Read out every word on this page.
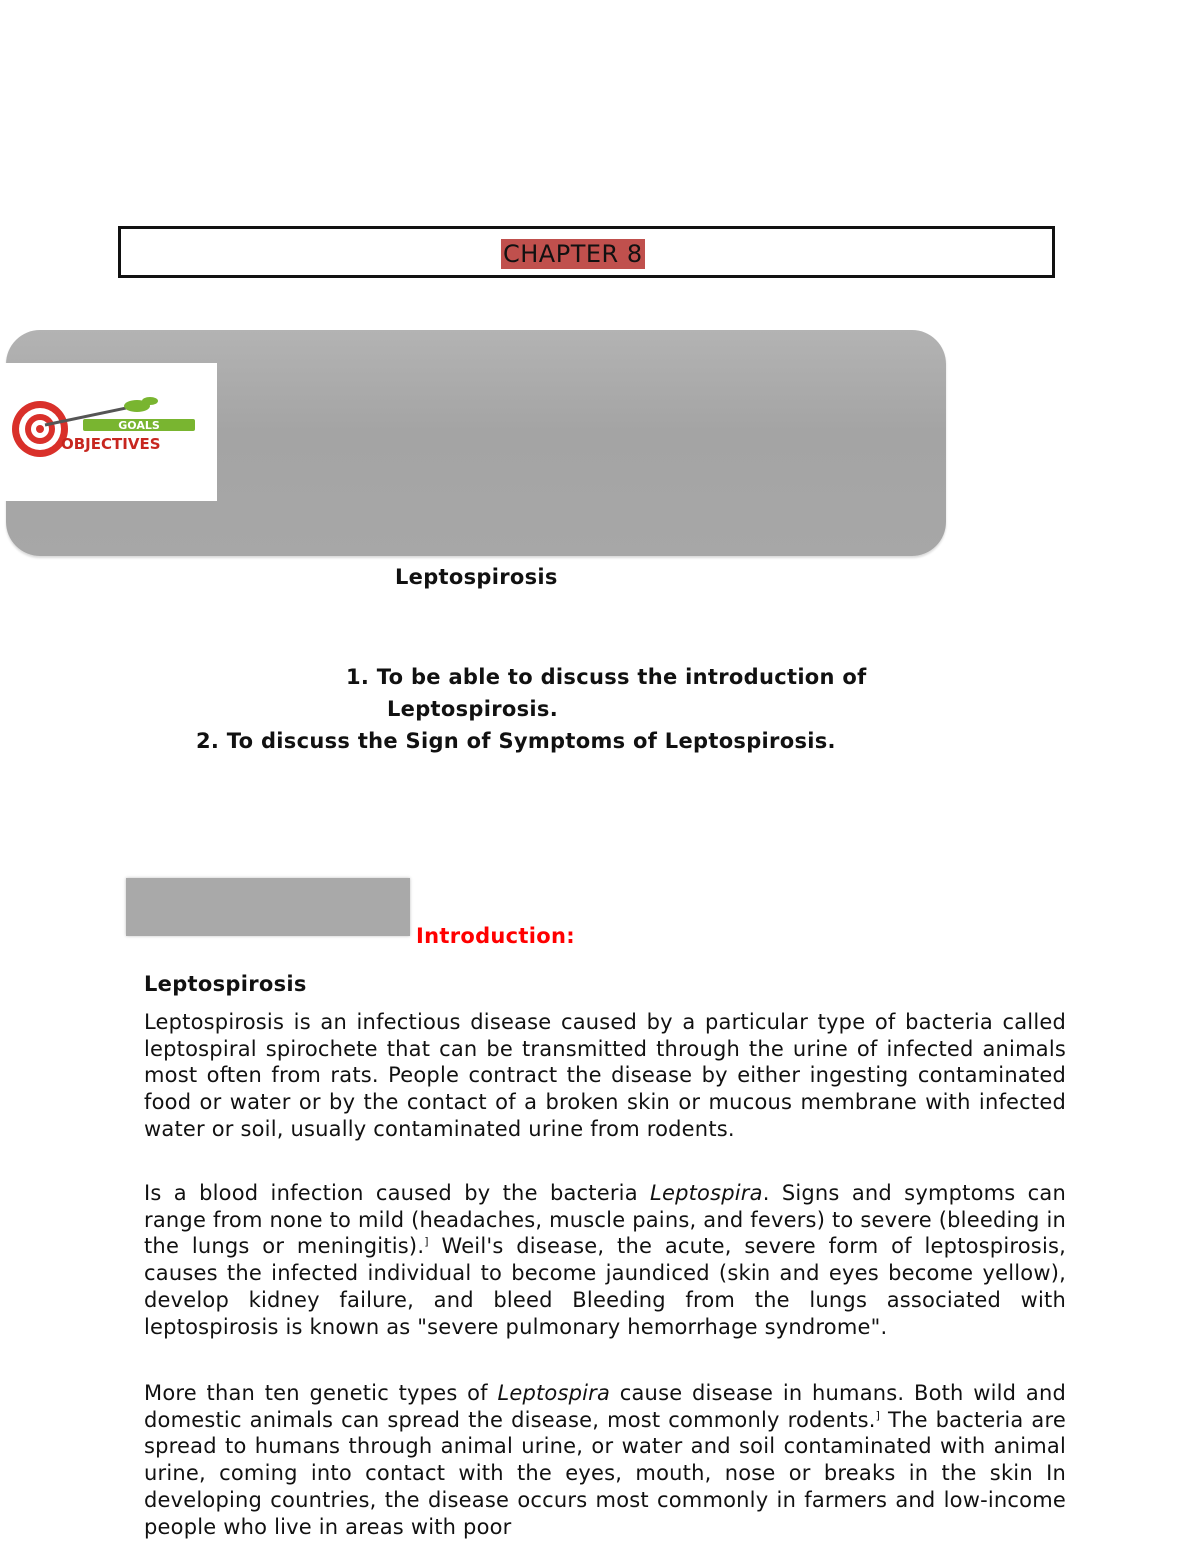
CHAPTER 8
GOALS
OBJECTIVES
Leptospirosis
1. To be able to discuss the introduction of
Leptospirosis.
2. To discuss the Sign of Symptoms of Leptospirosis.
Introduction:
Leptospirosis

Leptospirosis is an infectious disease caused by a particular type of bacteria called leptospiral spirochete that can be transmitted through the urine of infected animals most often from rats. People contract the disease by either ingesting contaminated food or water or by the contact of a broken skin or mucous membrane with infected water or soil, usually contaminated urine from rodents.

Is a blood infection caused by the bacteria Leptospira. Signs and symptoms can range from none to mild (headaches, muscle pains, and fevers) to severe (bleeding in the lungs or meningitis).] Weil's disease, the acute, severe form of leptospirosis, causes the infected individual to become jaundiced (skin and eyes become yellow), develop kidney failure, and bleed Bleeding from the lungs associated with leptospirosis is known as "severe pulmonary hemorrhage syndrome".

More than ten genetic types of Leptospira cause disease in humans. Both wild and domestic animals can spread the disease, most commonly rodents.] The bacteria are spread to humans through animal urine, or water and soil contaminated with animal urine, coming into contact with the eyes, mouth, nose or breaks in the skin In developing countries, the disease occurs most commonly in farmers and low-income people who live in areas with poor
